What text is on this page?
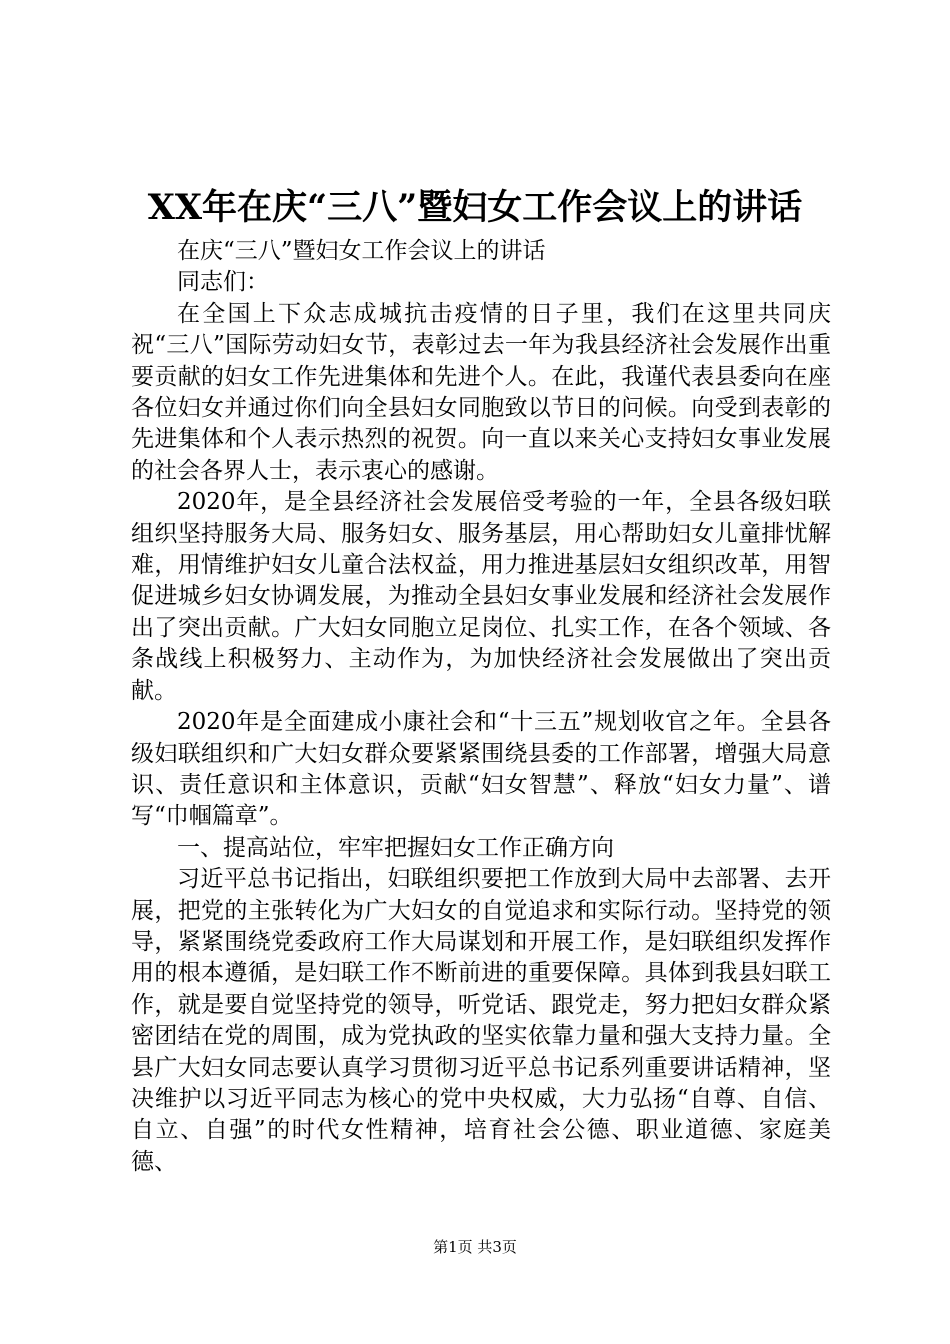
XX年在庆“三八”暨妇女工作会议上的讲话

在庆“三八”暨妇女工作会议上的讲话

同志们：

在全国上下众志成城抗击疫情的日子里，我们在这里共同庆祝“三八”国际劳动妇女节，表彰过去一年为我县经济社会发展作出重要贡献的妇女工作先进集体和先进个人。在此，我谨代表县委向在座各位妇女并通过你们向全县妇女同胞致以节日的问候。向受到表彰的先进集体和个人表示热烈的祝贺。向一直以来关心支持妇女事业发展的社会各界人士，表示衷心的感谢。

2020年，是全县经济社会发展倍受考验的一年，全县各级妇联组织坚持服务大局、服务妇女、服务基层，用心帮助妇女儿童排忧解难，用情维护妇女儿童合法权益，用力推进基层妇女组织改革，用智促进城乡妇女协调发展，为推动全县妇女事业发展和经济社会发展作出了突出贡献。广大妇女同胞立足岗位、扎实工作，在各个领域、各条战线上积极努力、主动作为，为加快经济社会发展做出了突出贡献。

2020年是全面建成小康社会和“十三五”规划收官之年。全县各级妇联组织和广大妇女群众要紧紧围绕县委的工作部署，增强大局意识、责任意识和主体意识，贡献“妇女智慧”、释放“妇女力量”、谱写“巾帼篇章”。

一、提高站位，牢牢把握妇女工作正确方向

习近平总书记指出，妇联组织要把工作放到大局中去部署、去开展，把党的主张转化为广大妇女的自觉追求和实际行动。坚持党的领导，紧紧围绕党委政府工作大局谋划和开展工作，是妇联组织发挥作用的根本遵循，是妇联工作不断前进的重要保障。具体到我县妇联工作，就是要自觉坚持党的领导，听党话、跟党走，努力把妇女群众紧密团结在党的周围，成为党执政的坚实依靠力量和强大支持力量。全县广大妇女同志要认真学习贯彻习近平总书记系列重要讲话精神，坚决维护以习近平同志为核心的党中央权威，大力弘扬“自尊、自信、自立、自强”的时代女性精神，培育社会公德、职业道德、家庭美德、

第1页 共3页
